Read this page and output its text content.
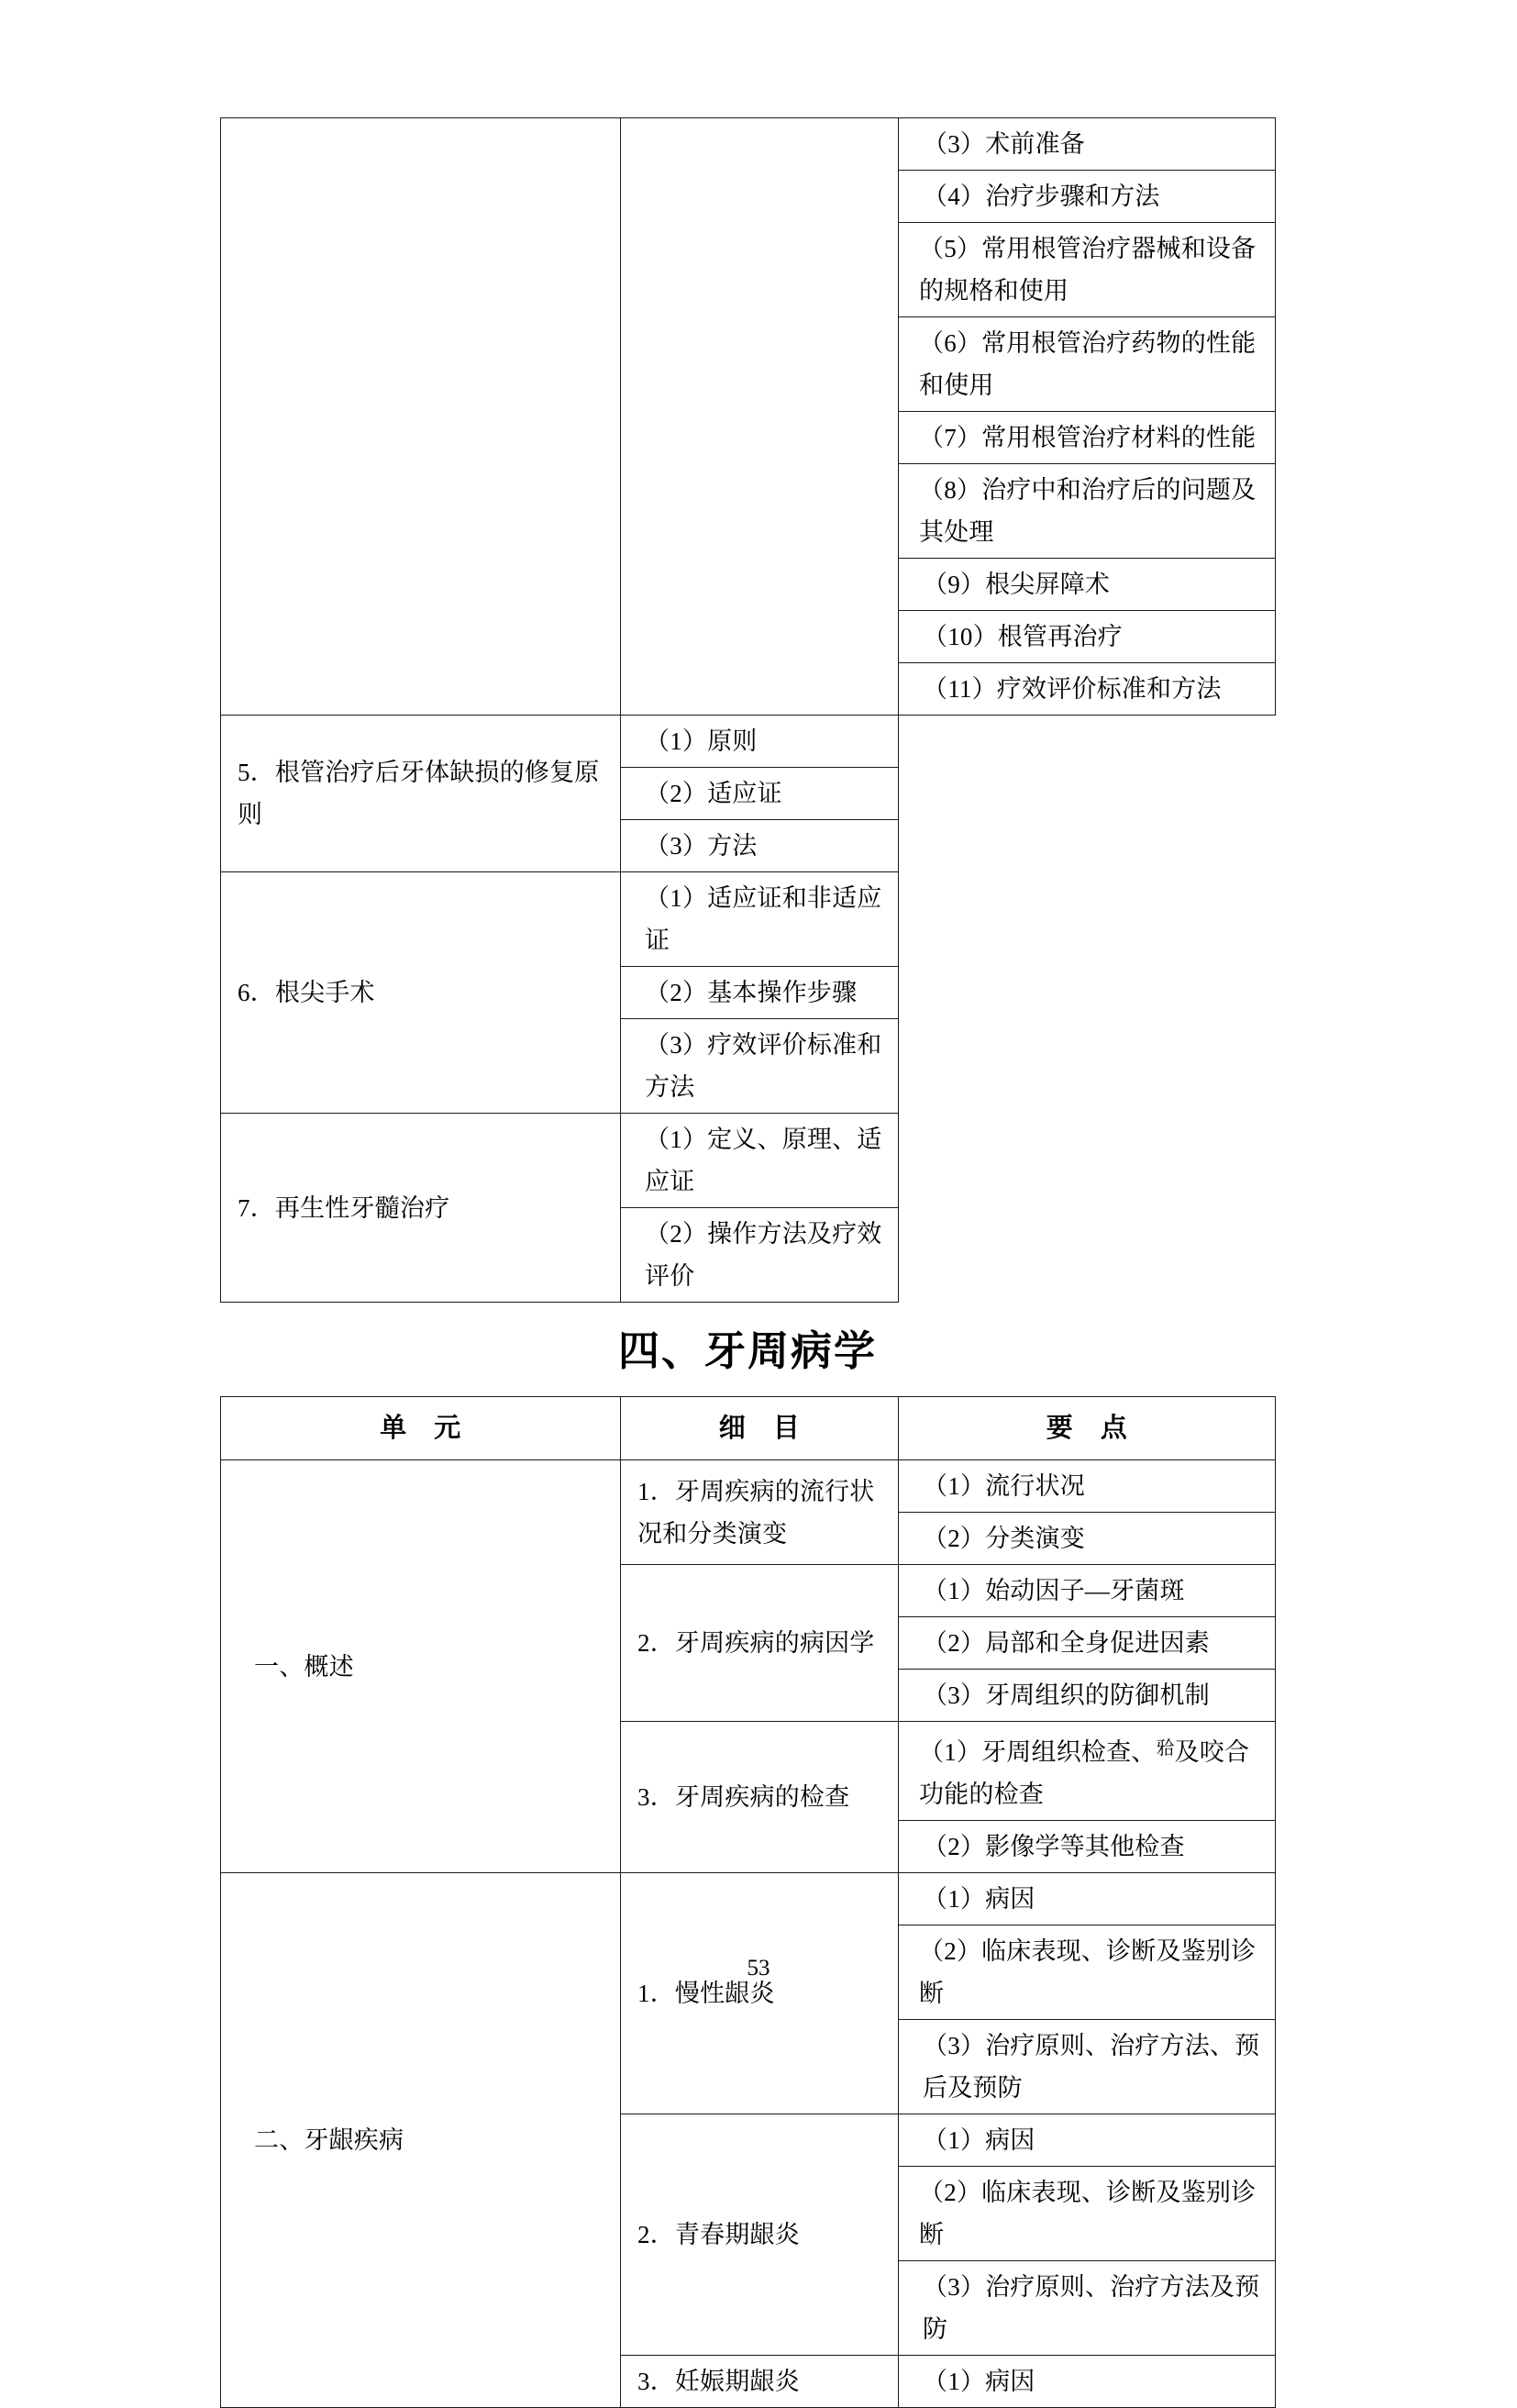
		（3）术前准备

		（4）治疗步骤和方法

		（5）常用根管治疗器械和设备的规格和使用

		（6）常用根管治疗药物的性能和使用

		（7）常用根管治疗材料的性能

		（8）治疗中和治疗后的问题及其处理

		（9）根尖屏障术

		（10）根管再治疗

		（11）疗效评价标准和方法

5．根管治疗后牙体缺损的修复原则	（1）原则	

	（2）适应证	

	（3）方法	

6．根尖手术	（1）适应证和非适应证	

	（2）基本操作步骤	

	（3）疗效评价标准和方法	

7．再生性牙髓治疗	（1）定义、原理、适应证	

	（2）操作方法及疗效评价	
四、牙周病学
单　元	细　目	要　点

一、概述	1．牙周疾病的流行状况和分类演变	（1）流行状况

		（2）分类演变

	2．牙周疾病的病因学	（1）始动因子—牙菌斑

		（2）局部和全身促进因素

		（3）牙周组织的防御机制

	3．牙周疾病的检查	（1）牙周组织检查、$^𬌗$及咬合功能的检查

		（2）影像学等其他检查

二、牙龈疾病	1．慢性龈炎	（1）病因

		（2）临床表现、诊断及鉴别诊断

		（3）治疗原则、治疗方法、预后及预防

	2．青春期龈炎	（1）病因

		（2）临床表现、诊断及鉴别诊断

		（3）治疗原则、治疗方法及预防

	3．妊娠期龈炎	（1）病因
53
